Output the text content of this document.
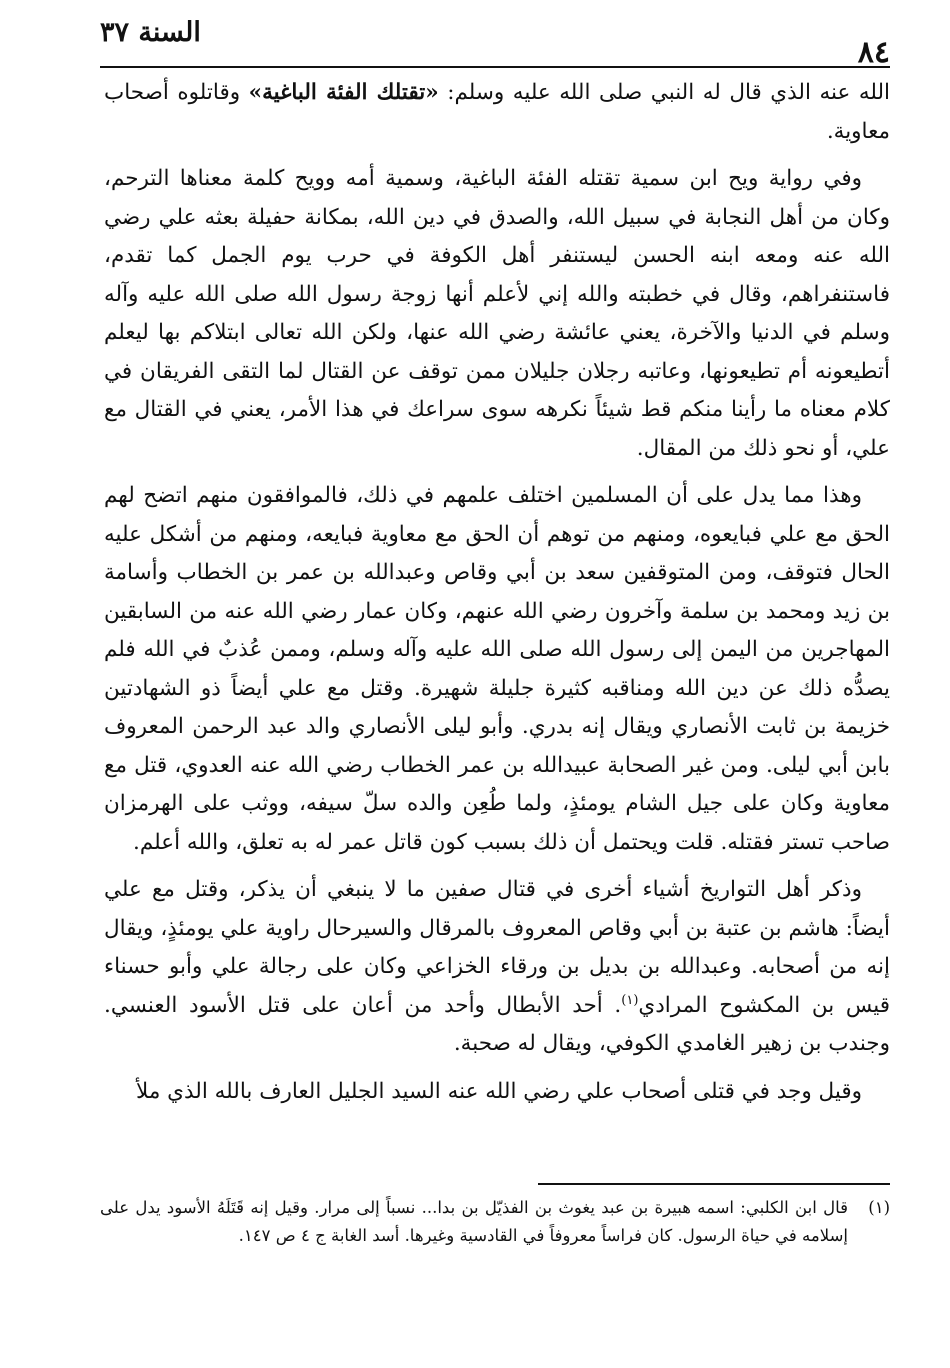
٨٤
السنة ٣٧

الله عنه الذي قال له النبي صلى الله عليه وسلم: «تقتلك الفئة الباغية» وقاتلوه أصحاب معاوية.

وفي رواية ويح ابن سمية تقتله الفئة الباغية، وسمية أمه وويح كلمة معناها الترحم، وكان من أهل النجابة في سبيل الله، والصدق في دين الله، بمكانة حفيلة بعثه علي رضي الله عنه ومعه ابنه الحسن ليستنفر أهل الكوفة في حرب يوم الجمل كما تقدم، فاستنفراهم، وقال في خطبته والله إني لأعلم أنها زوجة رسول الله صلى الله عليه وآله وسلم في الدنيا والآخرة، يعني عائشة رضي الله عنها، ولكن الله تعالى ابتلاكم بها ليعلم أتطيعونه أم تطيعونها، وعاتبه رجلان جليلان ممن توقف عن القتال لما التقى الفريقان في كلام معناه ما رأينا منكم قط شيئاً نكرهه سوى سراعك في هذا الأمر، يعني في القتال مع علي، أو نحو ذلك من المقال.

وهذا مما يدل على أن المسلمين اختلف علمهم في ذلك، فالموافقون منهم اتضح لهم الحق مع علي فبايعوه، ومنهم من توهم أن الحق مع معاوية فبايعه، ومنهم من أشكل عليه الحال فتوقف، ومن المتوقفين سعد بن أبي وقاص وعبدالله بن عمر بن الخطاب وأسامة بن زيد ومحمد بن سلمة وآخرون رضي الله عنهم، وكان عمار رضي الله عنه من السابقين المهاجرين من اليمن إلى رسول الله صلى الله عليه وآله وسلم، وممن عُذبٌ في الله فلم يصدُّه ذلك عن دين الله ومناقبه كثيرة جليلة شهيرة. وقتل مع علي أيضاً ذو الشهادتين خزيمة بن ثابت الأنصاري ويقال إنه بدري. وأبو ليلى الأنصاري والد عبد الرحمن المعروف بابن أبي ليلى. ومن غير الصحابة عبيدالله بن عمر الخطاب رضي الله عنه العدوي، قتل مع معاوية وكان على جيل الشام يومئذٍ، ولما طُعِن والده سلّ سيفه، ووثب على الهرمزان صاحب تستر فقتله. قلت ويحتمل أن ذلك بسبب كون قاتل عمر له به تعلق، والله أعلم.

وذكر أهل التواريخ أشياء أخرى في قتال صفين ما لا ينبغي أن يذكر، وقتل مع علي أيضاً: هاشم بن عتبة بن أبي وقاص المعروف بالمرقال والسيرحال راوية علي يومئذٍ، ويقال إنه من أصحابه. وعبدالله بن بديل بن ورقاء الخزاعي وكان على رجالة علي وأبو حسناء قيس بن المكشوح المرادي$^{(١)}$. أحد الأبطال وأحد من أعان على قتل الأسود العنسي. وجندب بن زهير الغامدي الكوفي، ويقال له صحبة.

وقيل وجد في قتلى أصحاب علي رضي الله عنه السيد الجليل العارف بالله الذي ملأ

(١)
قال ابن الكلبي: اسمه هبيرة بن عبد يغوث بن الفذيّل بن بدا... نسباً إلى مرار. وقيل إنه قَتَلَهُ الأسود يدل على إسلامه في حياة الرسول. كان فراساً معروفاً في القادسية وغيرها. أسد الغابة ج ٤ ص ١٤٧.
